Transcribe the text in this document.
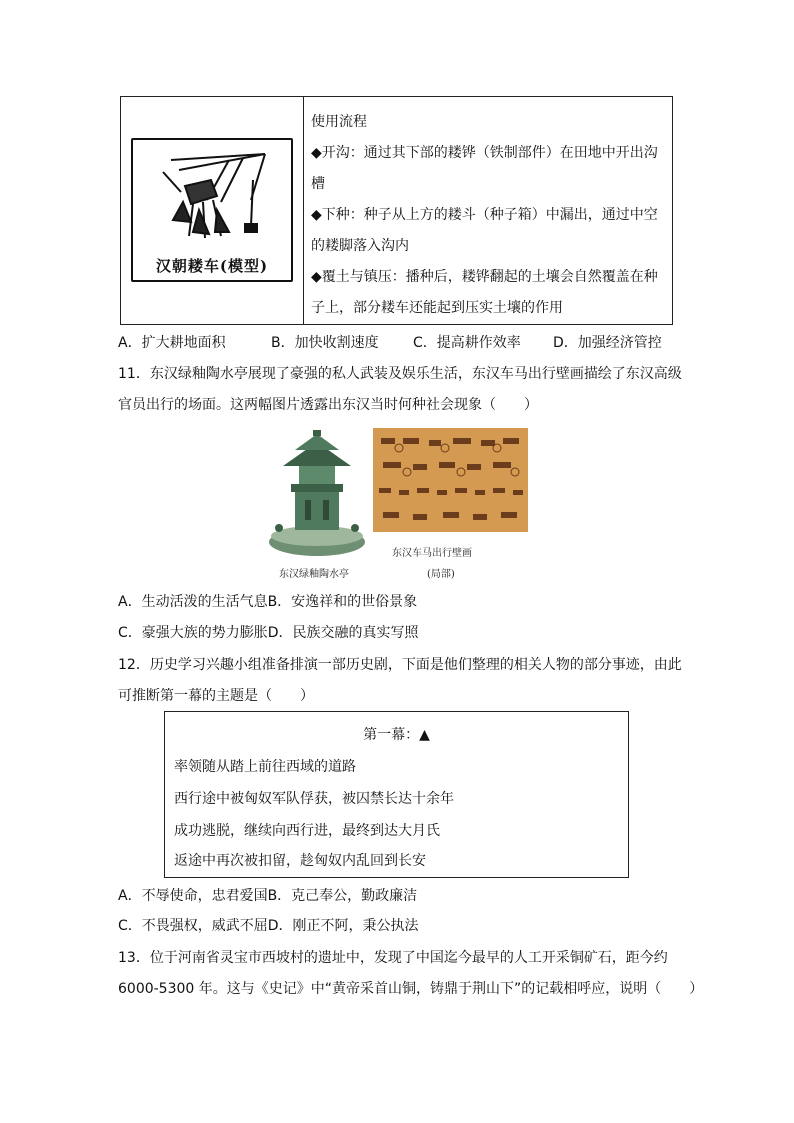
汉朝耧车(模型)
使用流程
◆开沟：通过其下部的耧铧（铁制部件）在田地中开出沟
槽
◆下种：种子从上方的耧斗（种子箱）中漏出，通过中空
的耧脚落入沟内
◆覆土与镇压：播种后，耧铧翻起的土壤会自然覆盖在种
子上，部分耧车还能起到压实土壤的作用
A．扩大耕地面积	B．加快收割速度 C．提高耕作效率 D．加强经济管控
11．东汉绿釉陶水亭展现了豪强的私人武装及娱乐生活，东汉车马出行壁画描绘了东汉高级
官员出行的场面。这两幅图片透露出东汉当时何种社会现象（　　）
东汉绿釉陶水亭
东汉车马出行壁画
(局部)
A．生动活泼的生活气息B．安逸祥和的世俗景象
C．豪强大族的势力膨胀D．民族交融的真实写照
12．历史学习兴趣小组准备排演一部历史剧，下面是他们整理的相关人物的部分事迹，由此
可推断第一幕的主题是（　　）
第一幕：▲
率领随从踏上前往西域的道路
西行途中被匈奴军队俘获，被囚禁长达十余年
成功逃脱，继续向西行进，最终到达大月氏
返途中再次被扣留，趁匈奴内乱回到长安
A．不辱使命，忠君爱国B．克己奉公，勤政廉洁
C．不畏强权，威武不屈D．刚正不阿，秉公执法
13．位于河南省灵宝市西坡村的遗址中，发现了中国迄今最早的人工开采铜矿石，距今约
6000-5300 年。这与《史记》中“黄帝采首山铜，铸鼎于荆山下”的记载相呼应，说明（　　）
